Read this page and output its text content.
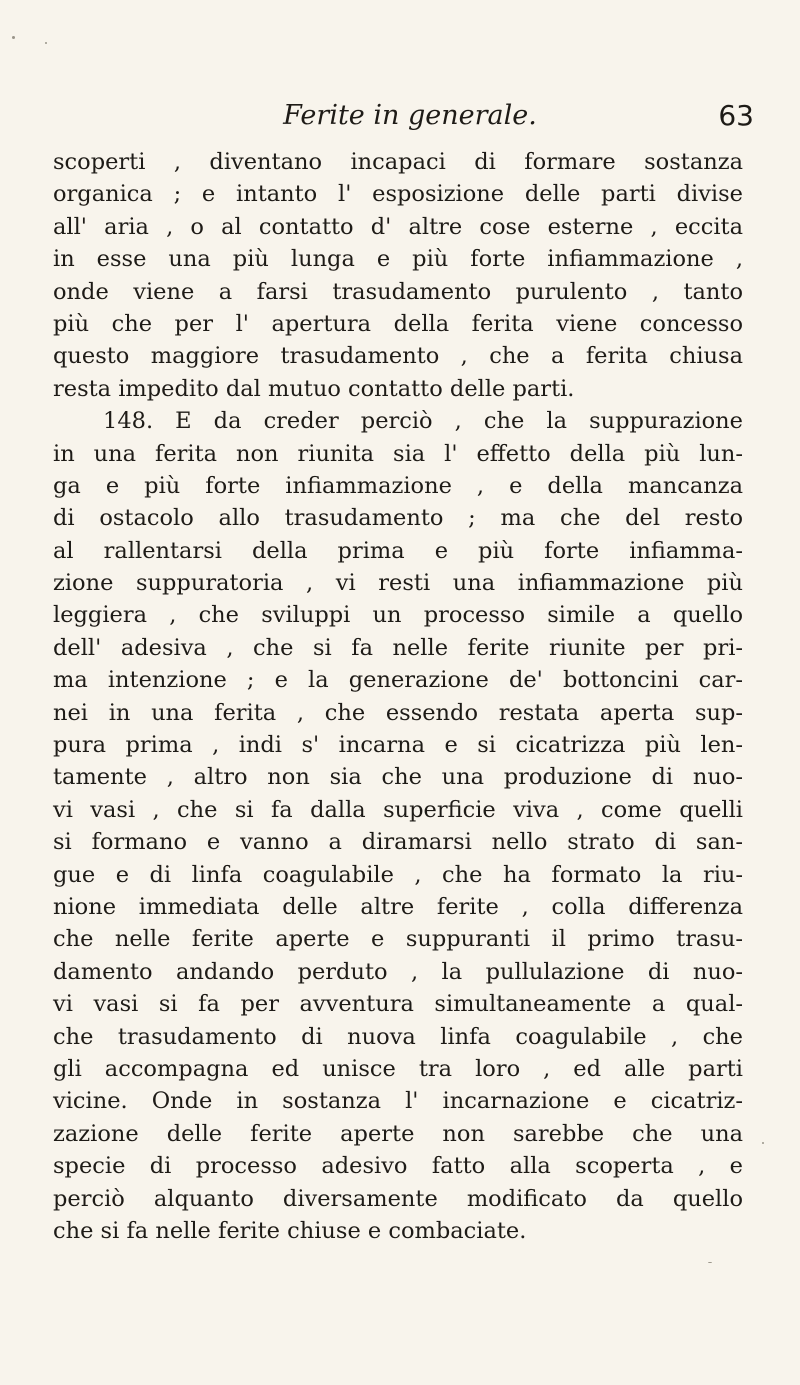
Ferite in generale.	63
scoperti , diventano incapaci di formare sostanza
organica ; e intanto l' esposizione delle parti divise
all' aria , o al contatto d' altre cose esterne , eccita
in esse una più lunga e più forte infiammazione ,
onde viene a farsi trasudamento purulento , tanto
più che per l' apertura della ferita viene concesso
questo maggiore trasudamento , che a ferita chiusa
resta impedito dal mutuo contatto delle parti.
148. E da creder perciò , che la suppurazione
in una ferita non riunita sia l' effetto della più lun-
ga e più forte infiammazione , e della mancanza
di ostacolo allo trasudamento ; ma che del resto
al rallentarsi della prima e più forte infiamma-
zione suppuratoria , vi resti una infiammazione più
leggiera , che sviluppi un processo simile a quello
dell' adesiva , che si fa nelle ferite riunite per pri-
ma intenzione ; e la generazione de' bottoncini car-
nei in una ferita , che essendo restata aperta sup-
pura prima , indi s' incarna e si cicatrizza più len-
tamente , altro non sia che una produzione di nuo-
vi vasi , che si fa dalla superficie viva , come quelli
si formano e vanno a diramarsi nello strato di san-
gue e di linfa coagulabile , che ha formato la riu-
nione immediata delle altre ferite , colla differenza
che nelle ferite aperte e suppuranti il primo trasu-
damento andando perduto , la pullulazione di nuo-
vi vasi si fa per avventura simultaneamente a qual-
che trasudamento di nuova linfa coagulabile , che
gli accompagna ed unisce tra loro , ed alle parti
vicine. Onde in sostanza l' incarnazione e cicatriz-
zazione delle ferite aperte non sarebbe che una
specie di processo adesivo fatto alla scoperta , e
perciò alquanto diversamente modificato da quello
che si fa nelle ferite chiuse e combaciate.
